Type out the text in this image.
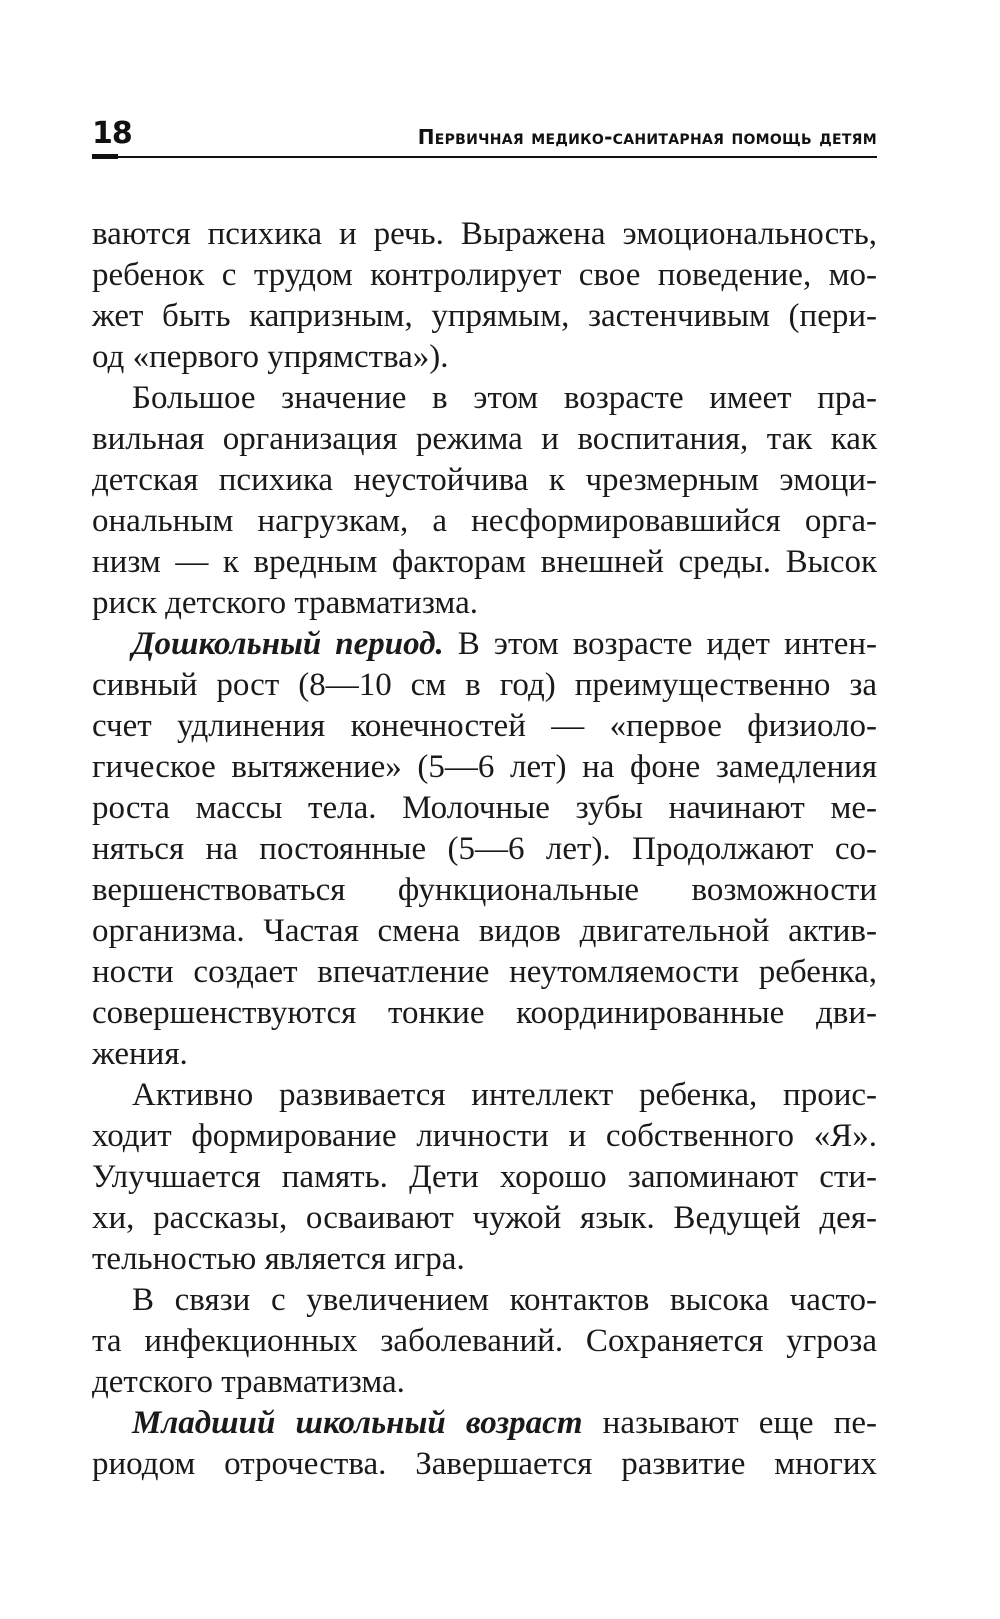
18	Первичная медико-санитарная помощь детям
ваются психика и речь. Выражена эмоциональность,
ребенок с трудом контролирует свое поведение, мо-
жет быть капризным, упрямым, застенчивым (пери-
од «первого упрямства»).
Большое значение в этом возрасте имеет пра-
вильная организация режима и воспитания, так как
детская психика неустойчива к чрезмерным эмоци-
ональным нагрузкам, а несформировавшийся орга-
низм — к вредным факторам внешней среды. Высок
риск детского травматизма.
Дошкольный период. В этом возрасте идет интен-
сивный рост (8—10 см в год) преимущественно за
счет удлинения конечностей — «первое физиоло-
гическое вытяжение» (5—6 лет) на фоне замедления
роста массы тела. Молочные зубы начинают ме-
няться на постоянные (5—6 лет). Продолжают со-
вершенствоваться функциональные возможности
организма. Частая смена видов двигательной актив-
ности создает впечатление неутомляемости ребенка,
совершенствуются тонкие координированные дви-
жения.
Активно развивается интеллект ребенка, проис-
ходит формирование личности и собственного «Я».
Улучшается память. Дети хорошо запоминают сти-
хи, рассказы, осваивают чужой язык. Ведущей дея-
тельностью является игра.
В связи с увеличением контактов высока часто-
та инфекционных заболеваний. Сохраняется угроза
детского травматизма.
Младший школьный возраст называют еще пе-
риодом отрочества. Завершается развитие многих
